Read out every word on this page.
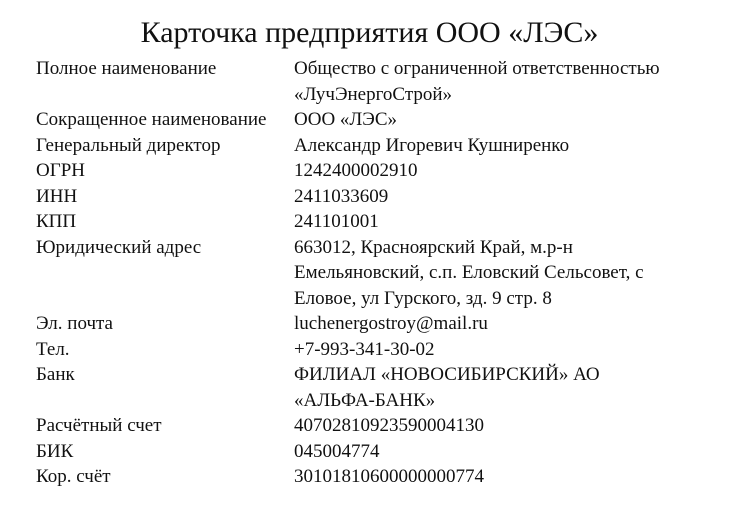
Карточка предприятия ООО «ЛЭС»
Полное наименование	Общество с ограниченной ответственностью
«ЛучЭнергоСтрой»
Сокращенное наименование	ООО «ЛЭС»
Генеральный директор	Александр Игоревич Кушниренко
ОГРН	1242400002910
ИНН	2411033609
КПП	241101001
Юридический адрес	663012, Красноярский Край, м.р-н
Емельяновский, с.п. Еловский Сельсовет, с
Еловое, ул Гурского, зд. 9 стр. 8
Эл. почта	luchenergostroy@mail.ru
Тел.	+7-993-341-30-02
Банк	ФИЛИАЛ «НОВОСИБИРСКИЙ» АО
«АЛЬФА-БАНК»
Расчётный счет	40702810923590004130
БИК	045004774
Кор. счёт	30101810600000000774
